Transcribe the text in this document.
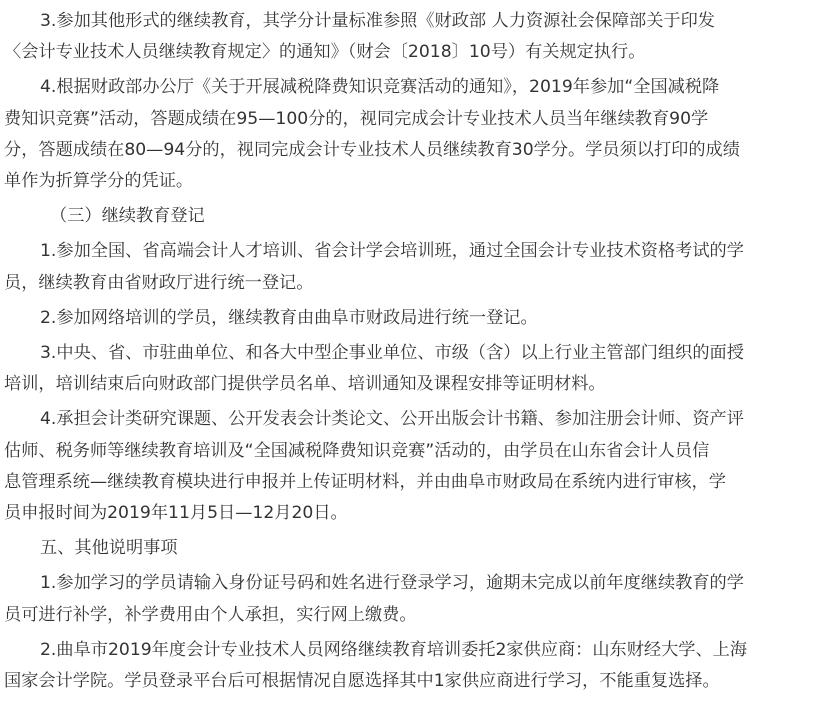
3.参加其他形式的继续教育，其学分计量标准参照《财政部 人力资源社会保障部关于印发

〈会计专业技术人员继续教育规定〉的通知》（财会〔2018〕10号）有关规定执行。

4.根据财政部办公厅《关于开展减税降费知识竞赛活动的通知》，2019年参加“全国减税降

费知识竞赛”活动，答题成绩在95—100分的，视同完成会计专业技术人员当年继续教育90学

分，答题成绩在80—94分的，视同完成会计专业技术人员继续教育30学分。学员须以打印的成绩

单作为折算学分的凭证。

（三）继续教育登记

1.参加全国、省高端会计人才培训、省会计学会培训班，通过全国会计专业技术资格考试的学

员，继续教育由省财政厅进行统一登记。

2.参加网络培训的学员，继续教育由曲阜市财政局进行统一登记。

3.中央、省、市驻曲单位、和各大中型企事业单位、市级（含）以上行业主管部门组织的面授

培训，培训结束后向财政部门提供学员名单、培训通知及课程安排等证明材料。

4.承担会计类研究课题、公开发表会计类论文、公开出版会计书籍、参加注册会计师、资产评

估师、税务师等继续教育培训及“全国减税降费知识竞赛”活动的，由学员在山东省会计人员信

息管理系统—继续教育模块进行申报并上传证明材料，并由曲阜市财政局在系统内进行审核，学

员申报时间为2019年11月5日—12月20日。

五、其他说明事项

1.参加学习的学员请输入身份证号码和姓名进行登录学习，逾期未完成以前年度继续教育的学

员可进行补学，补学费用由个人承担，实行网上缴费。

2.曲阜市2019年度会计专业技术人员网络继续教育培训委托2家供应商：山东财经大学、上海

国家会计学院。学员登录平台后可根据情况自愿选择其中1家供应商进行学习，不能重复选择。
